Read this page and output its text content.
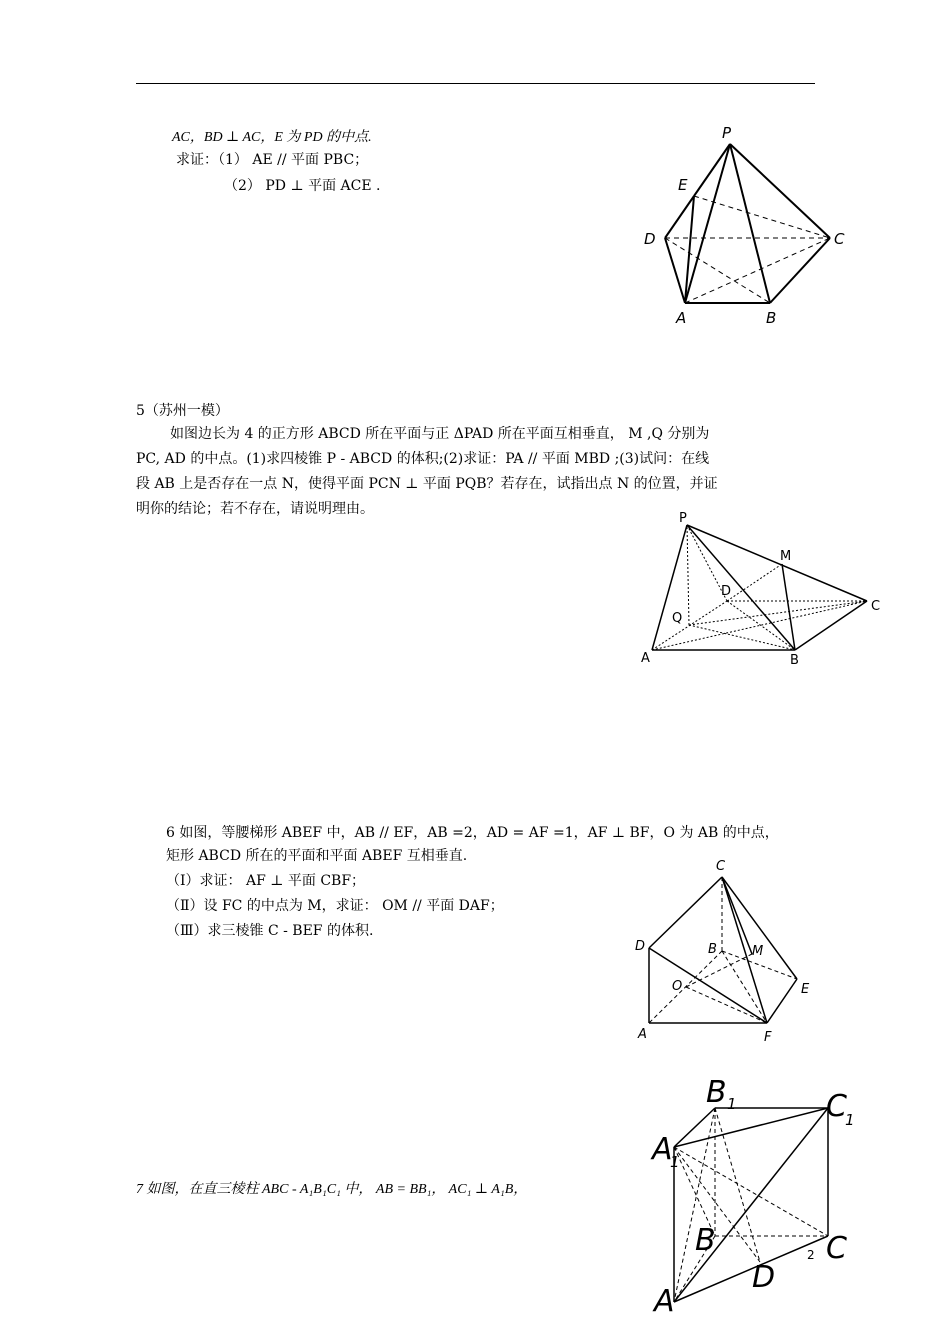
AC，BD ⊥ AC，E 为 PD 的中点.
求证：（1） AE // 平面 PBC；
（2） PD ⊥ 平面 ACE .
P
E
D	C
A	B
5（苏州一模）
如图边长为 4 的正方形 ABCD 所在平面与正 ΔPAD 所在平面互相垂直， M ,Q 分别为
PC, AD 的中点。(1)求四棱锥 P - ABCD 的体积;(2)求证：PA // 平面 MBD ;(3)试问：在线
段 AB 上是否存在一点 N，使得平面 PCN ⊥ 平面 PQB？若存在，试指出点 N 的位置，并证
明你的结论；若不存在，请说明理由。
P
M
D
C
Q
A	B
6 如图，等腰梯形 ABEF 中，AB // EF，AB =2，AD = AF =1，AF ⊥ BF，O 为 AB 的中点，
矩形 ABCD 所在的平面和平面 ABEF 互相垂直.
（Ⅰ）求证： AF ⊥ 平面 CBF；
（Ⅱ）设 FC 的中点为 M，求证： OM // 平面 DAF；
（Ⅲ）求三棱锥 C - BEF 的体积.
C
D	B	M
O	E
A	F
7 如图，在直三棱柱 ABC - A₁B₁C₁ 中， AB = BB₁， AC₁ ⊥ A₁B，
B 1	C
1
A
1
B	C
2
D
A
